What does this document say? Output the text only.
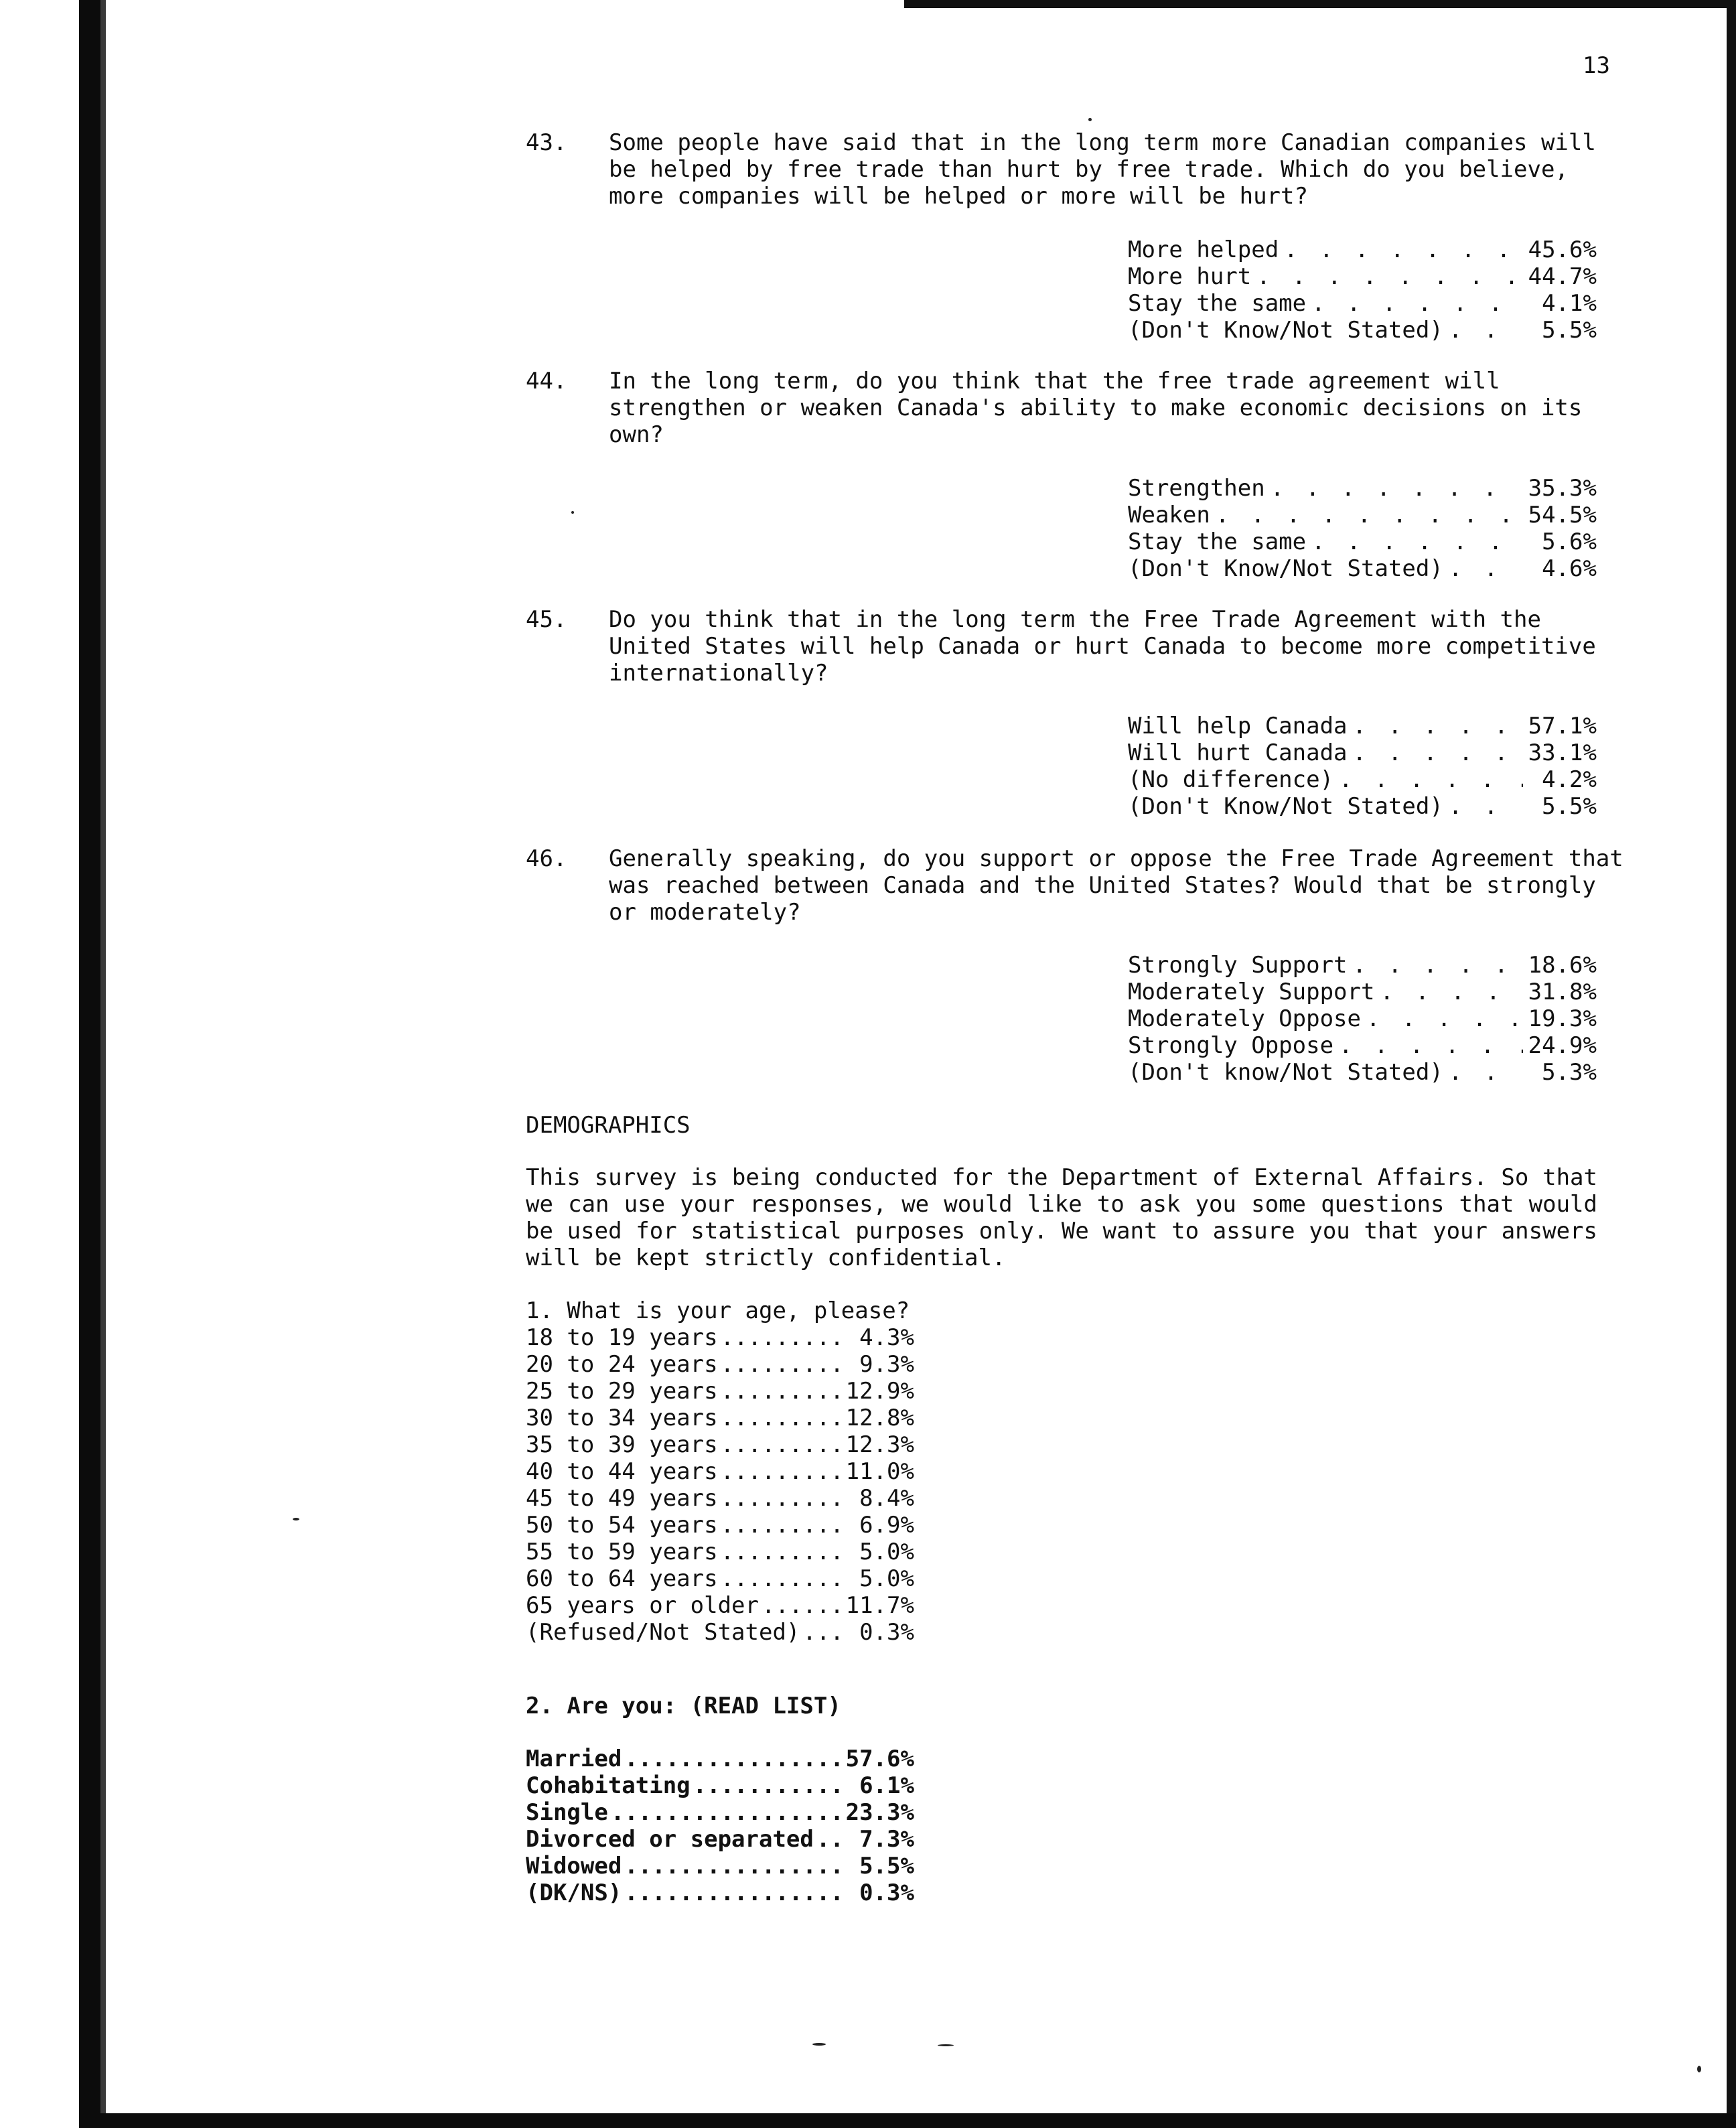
13
43.	Some people have said that in the long term more Canadian companies will be helped by free trade than hurt by free trade. Which do you believe, more companies will be helped or more will be hurt?
More helped . . .	45.6%
More hurt . . .	44.7%
Stay the same . . .	4.1%
(Don't Know/Not Stated) . . .	5.5%
44.	In the long term, do you think that the free trade agreement will strengthen or weaken Canada's ability to make economic decisions on its own?
Strengthen . . .	35.3%
Weaken . . .	54.5%
Stay the same . . .	5.6%
(Don't Know/Not Stated) . . .	4.6%
45.	Do you think that in the long term the Free Trade Agreement with the United States will help Canada or hurt Canada to become more competitive internationally?
Will help Canada . . .	57.1%
Will hurt Canada . . .	33.1%
(No difference) . . .	4.2%
(Don't Know/Not Stated) . . .	5.5%
46.	Generally speaking, do you support or oppose the Free Trade Agreement that was reached between Canada and the United States? Would that be strongly or moderately?
Strongly Support . . .	18.6%
Moderately Support . . .	31.8%
Moderately Oppose . . .	19.3%
Strongly Oppose . . .	24.9%
(Don't know/Not Stated) . . .	5.3%
DEMOGRAPHICS
This survey is being conducted for the Department of External Affairs. So that we can use your responses, we would like to ask you some questions that would be used for statistical purposes only. We want to assure you that your answers will be kept strictly confidential.
1. What is your age, please?
18 to 19 years .....	4.3%
20 to 24 years .....	9.3%
25 to 29 years .....	12.9%
30 to 34 years .....	12.8%
35 to 39 years .....	12.3%
40 to 44 years .....	11.0%
45 to 49 years .....	8.4%
50 to 54 years .....	6.9%
55 to 59 years .....	5.0%
60 to 64 years .....	5.0%
65 years or older .....	11.7%
(Refused/Not Stated) .....	0.3%
2. Are you: (READ LIST)
Married .....	57.6%
Cohabitating .....	6.1%
Single .....	23.3%
Divorced or separated .....	7.3%
Widowed .....	5.5%
(DK/NS) .....	0.3%
